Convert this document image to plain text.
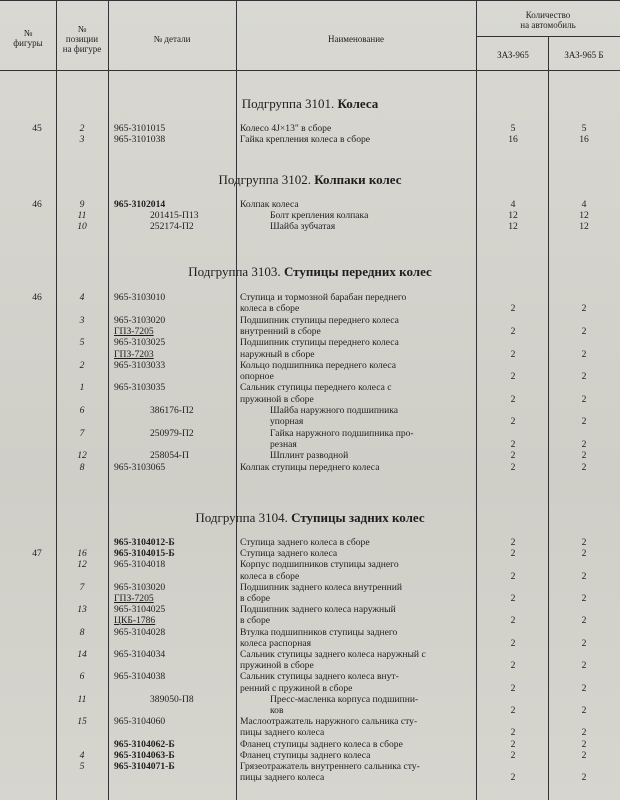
№
фигуры
№
позиции
на фигуре
№ детали	Наименование
Количество
на автомобиль
ЗАЗ-965	ЗАЗ-965 Б
Подгруппа 3101. Колеса
45	2	965-3101015	Колесо 4J×13" в сборе	5	5
3	965-3101038	Гайка крепления колеса в сборе	16	16
Подгруппа 3102. Колпаки колес
46	9	965-3102014	Колпак колеса	4	4
11	201415-П13	Болт крепления колпака	12	12
10	252174-П2	Шайба зубчатая	12	12
Подгруппа 3103. Ступицы передних колес
46	4	965-3103010	Ступица и тормозной барабан переднего
колеса в сборе	2	2
3	965-3103020	Подшипник ступицы переднего колеса
ГПЗ-7205	внутренний в сборе	2	2
5	965-3103025	Подшипник ступицы переднего колеса
ГПЗ-7203	наружный в сборе	2	2
2	965-3103033	Кольцо подшипника переднего колеса
опорное	2	2
1	965-3103035	Сальник ступицы переднего колеса с
пружиной в сборе	2	2
6	386176-П2	Шайба наружного подшипника
упорная	2	2
7	250979-П2	Гайка наружного подшипника про-
резная	2	2
12	258054-П	Шплинт разводной	2	2
8	965-3103065	Колпак ступицы переднего колеса	2	2
Подгруппа 3104. Ступицы задних колес
965-3104012-Б	Ступица заднего колеса в сборе	2	2
47	16	965-3104015-Б	Ступица заднего колеса	2	2
12	965-3104018	Корпус подшипников ступицы заднего
колеса в сборе	2	2
7	965-3103020	Подшипник заднего колеса внутренний
ГПЗ-7205	в сборе	2	2
13	965-3104025	Подшипник заднего колеса наружный
ЦКБ-1786	в сборе	2	2
8	965-3104028	Втулка подшипников ступицы заднего
колеса распорная	2	2
14	965-3104034	Сальник ступицы заднего колеса наружный с
пружиной в сборе	2	2
6	965-3104038	Сальник ступицы заднего колеса внут-
ренний с пружиной в сборе	2	2
11	389050-П8	Пресс-масленка корпуса подшипни-
ков	2	2
15	965-3104060	Маслоотражатель наружного сальника сту-
пицы заднего колеса	2	2
965-3104062-Б	Фланец ступицы заднего колеса в сборе	2	2
4	965-3104063-Б	Фланец ступицы заднего колеса	2	2
5	965-3104071-Б	Грязеотражатель внутреннего сальника сту-
пицы заднего колеса	2	2
